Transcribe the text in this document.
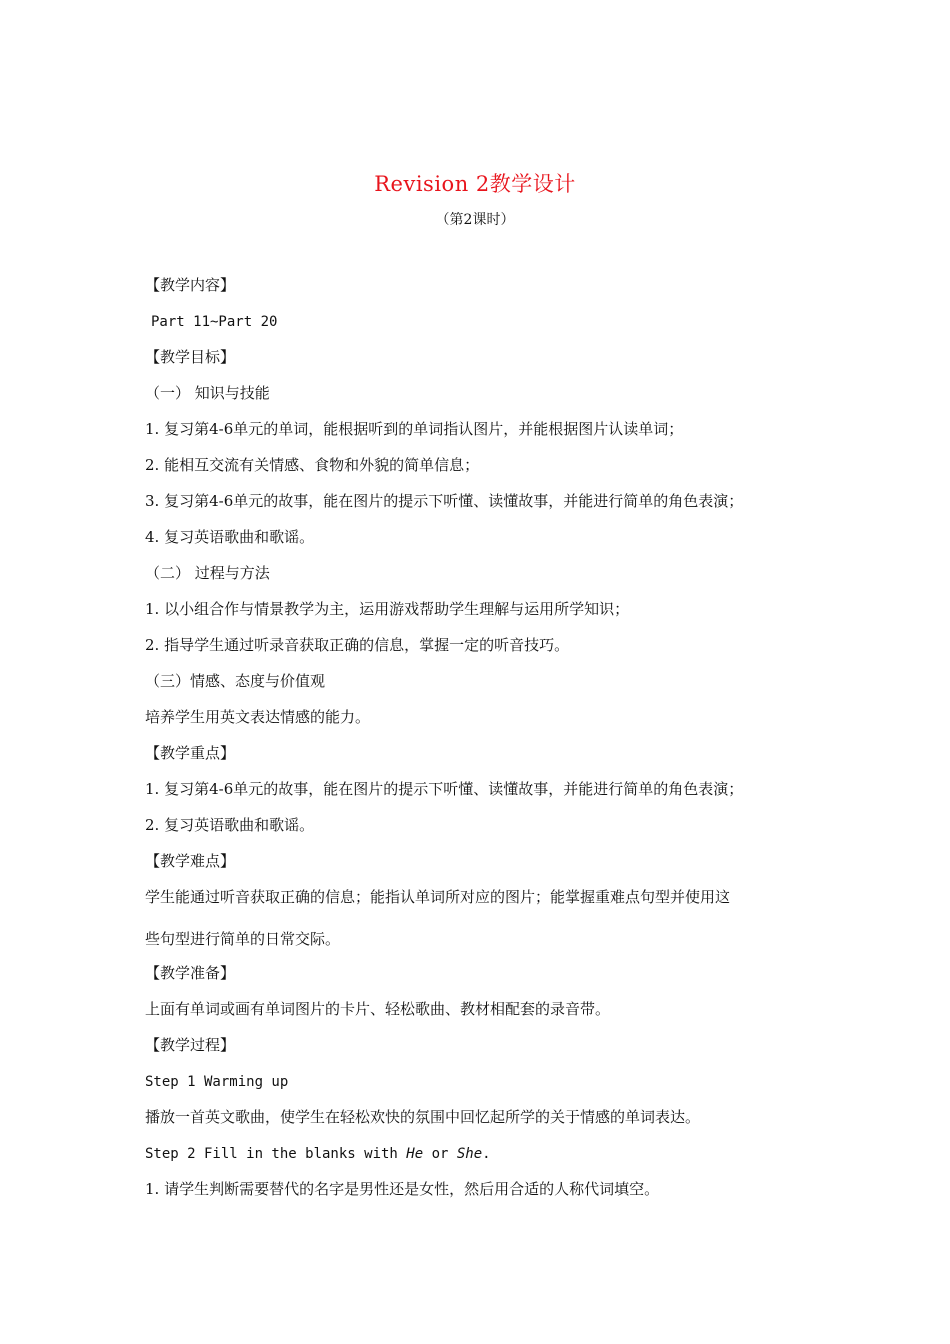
Revision 2教学设计
（第2课时）
【教学内容】
Part 11~Part 20
【教学目标】
（一） 知识与技能
1. 复习第4-6单元的单词，能根据听到的单词指认图片，并能根据图片认读单词；
2. 能相互交流有关情感、食物和外貌的简单信息；
3. 复习第4-6单元的故事，能在图片的提示下听懂、读懂故事，并能进行简单的角色表演；
4. 复习英语歌曲和歌谣。
（二） 过程与方法
1. 以小组合作与情景教学为主，运用游戏帮助学生理解与运用所学知识；
2. 指导学生通过听录音获取正确的信息，掌握一定的听音技巧。
（三）情感、态度与价值观
培养学生用英文表达情感的能力。
【教学重点】
1. 复习第4-6单元的故事，能在图片的提示下听懂、读懂故事，并能进行简单的角色表演；
2. 复习英语歌曲和歌谣。
【教学难点】
学生能通过听音获取正确的信息；能指认单词所对应的图片；能掌握重难点句型并使用这
些句型进行简单的日常交际。
【教学准备】
上面有单词或画有单词图片的卡片、轻松歌曲、教材相配套的录音带。
【教学过程】
Step 1 Warming up
播放一首英文歌曲，使学生在轻松欢快的氛围中回忆起所学的关于情感的单词表达。
Step 2 Fill in the blanks with He or She.
1. 请学生判断需要替代的名字是男性还是女性，然后用合适的人称代词填空。
